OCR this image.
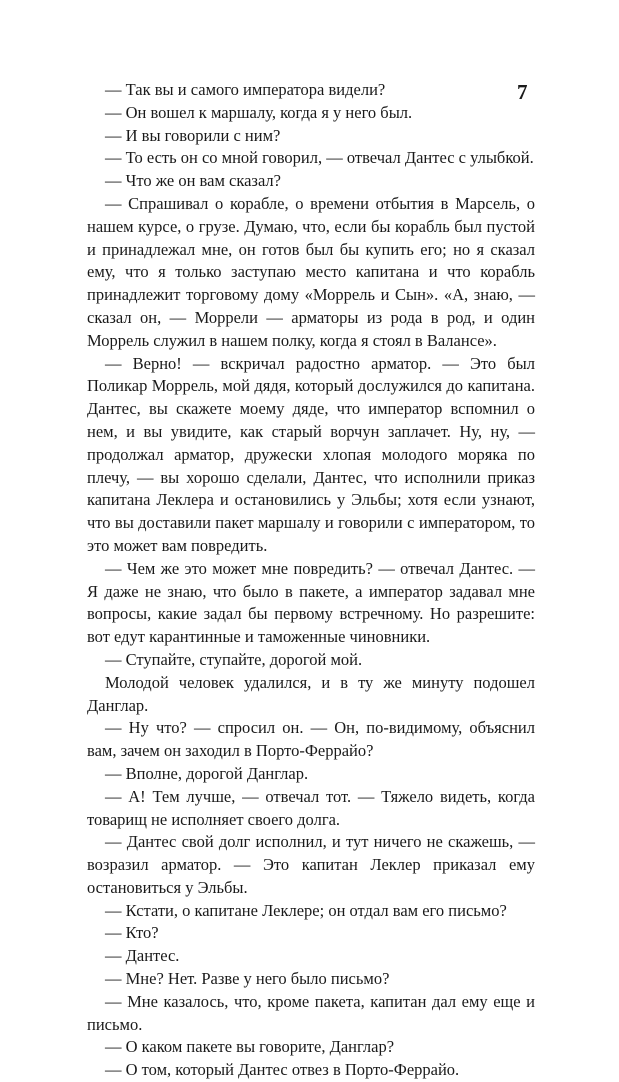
7

— Так вы и самого императора видели?

— Он вошел к маршалу, когда я у него был.

— И вы говорили с ним?

— То есть он со мной говорил, — отвечал Дантес с улыбкой.

— Что же он вам сказал?

— Спрашивал о корабле, о времени отбытия в Марсель, о нашем курсе, о грузе. Думаю, что, если бы корабль был пустой и принадлежал мне, он готов был бы купить его; но я сказал ему, что я только заступаю место капитана и что корабль принадлежит торговому дому «Моррель и Сын». «А, знаю, — сказал он, — Моррели — арматоры из рода в род, и один Моррель служил в нашем полку, когда я стоял в Валансе».

— Верно! — вскричал радостно арматор. — Это был Поликар Моррель, мой дядя, который дослужился до капитана. Дантес, вы скажете моему дяде, что император вспомнил о нем, и вы увидите, как старый ворчун заплачет. Ну, ну, — продолжал арматор, дружески хлопая молодого моряка по плечу, — вы хорошо сделали, Дантес, что исполнили приказ капитана Леклера и остановились у Эльбы; хотя если узнают, что вы доставили пакет маршалу и говорили с императором, то это может вам повредить.

— Чем же это может мне повредить? — отвечал Дантес. — Я даже не знаю, что было в пакете, а император задавал мне вопросы, какие задал бы первому встречному. Но разрешите: вот едут карантинные и таможенные чиновники.

— Ступайте, ступайте, дорогой мой.

Молодой человек удалился, и в ту же минуту подошел Данглар.

— Ну что? — спросил он. — Он, по-видимому, объяснил вам, зачем он заходил в Порто-Феррайо?

— Вполне, дорогой Данглар.

— А! Тем лучше, — отвечал тот. — Тяжело видеть, когда товарищ не исполняет своего долга.

— Дантес свой долг исполнил, и тут ничего не скажешь, — возразил арматор. — Это капитан Леклер приказал ему остановиться у Эльбы.

— Кстати, о капитане Леклере; он отдал вам его письмо?

— Кто?

— Дантес.

— Мне? Нет. Разве у него было письмо?

— Мне казалось, что, кроме пакета, капитан дал ему еще и письмо.

— О каком пакете вы говорите, Данглар?

— О том, который Дантес отвез в Порто-Феррайо.
